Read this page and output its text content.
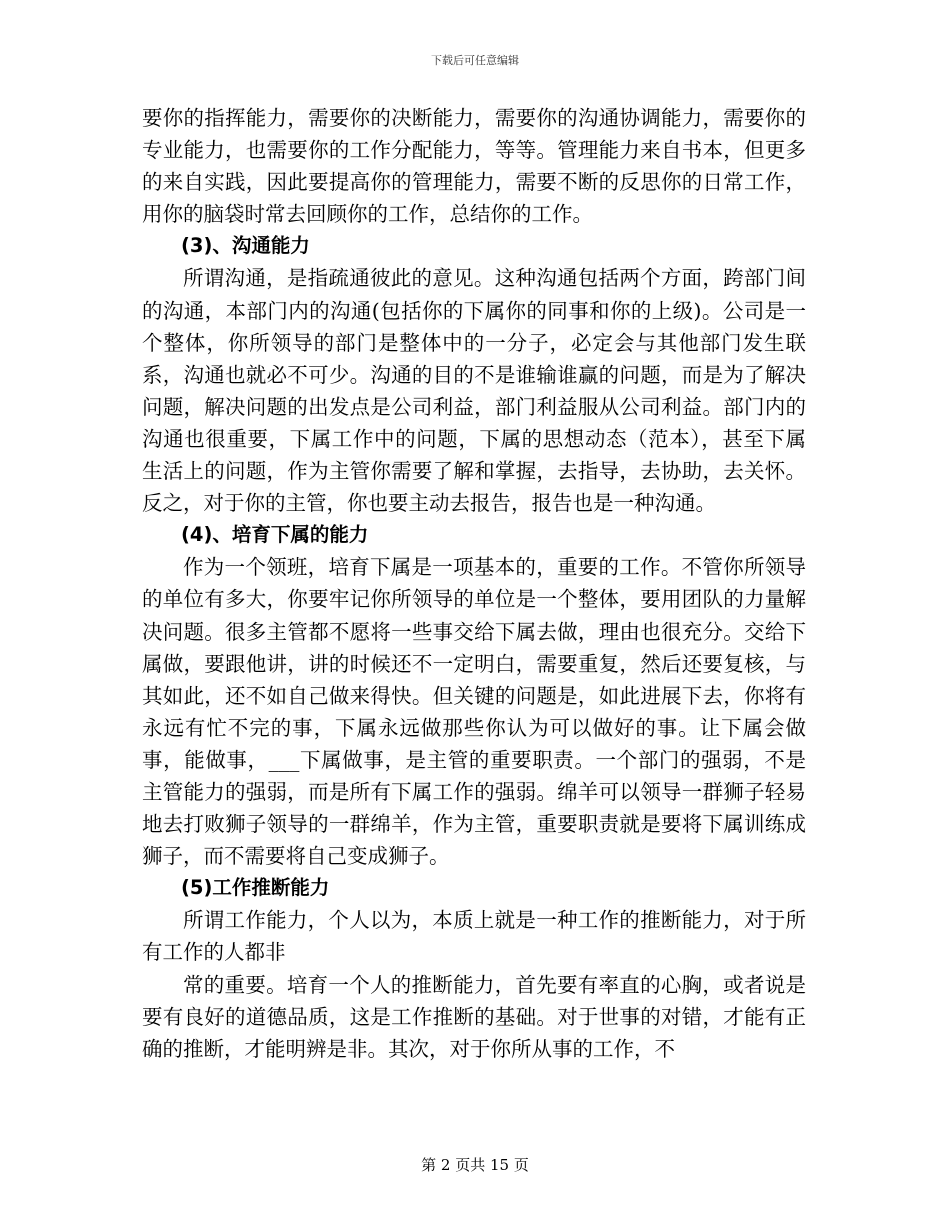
下载后可任意编辑

要你的指挥能力，需要你的决断能力，需要你的沟通协调能力，需要你的专业能力，也需要你的工作分配能力，等等。管理能力来自书本，但更多的来自实践，因此要提高你的管理能力，需要不断的反思你的日常工作，用你的脑袋时常去回顾你的工作，总结你的工作。

(3)、沟通能力

所谓沟通，是指疏通彼此的意见。这种沟通包括两个方面，跨部门间的沟通，本部门内的沟通(包括你的下属你的同事和你的上级)。公司是一个整体，你所领导的部门是整体中的一分子，必定会与其他部门发生联系，沟通也就必不可少。沟通的目的不是谁输谁赢的问题，而是为了解决问题，解决问题的出发点是公司利益，部门利益服从公司利益。部门内的沟通也很重要，下属工作中的问题，下属的思想动态（范本），甚至下属生活上的问题，作为主管你需要了解和掌握，去指导，去协助，去关怀。反之，对于你的主管，你也要主动去报告，报告也是一种沟通。

(4)、培育下属的能力

作为一个领班，培育下属是一项基本的，重要的工作。不管你所领导的单位有多大，你要牢记你所领导的单位是一个整体，要用团队的力量解决问题。很多主管都不愿将一些事交给下属去做，理由也很充分。交给下属做，要跟他讲，讲的时候还不一定明白，需要重复，然后还要复核，与其如此，还不如自己做来得快。但关键的问题是，如此进展下去，你将有永远有忙不完的事，下属永远做那些你认为可以做好的事。让下属会做事，能做事，___下属做事，是主管的重要职责。一个部门的强弱，不是主管能力的强弱，而是所有下属工作的强弱。绵羊可以领导一群狮子轻易地去打败狮子领导的一群绵羊，作为主管，重要职责就是要将下属训练成狮子，而不需要将自己变成狮子。

(5)工作推断能力

所谓工作能力，个人以为，本质上就是一种工作的推断能力，对于所有工作的人都非

常的重要。培育一个人的推断能力，首先要有率直的心胸，或者说是要有良好的道德品质，这是工作推断的基础。对于世事的对错，才能有正确的推断，才能明辨是非。其次，对于你所从事的工作，不

第 2 页共 15 页
